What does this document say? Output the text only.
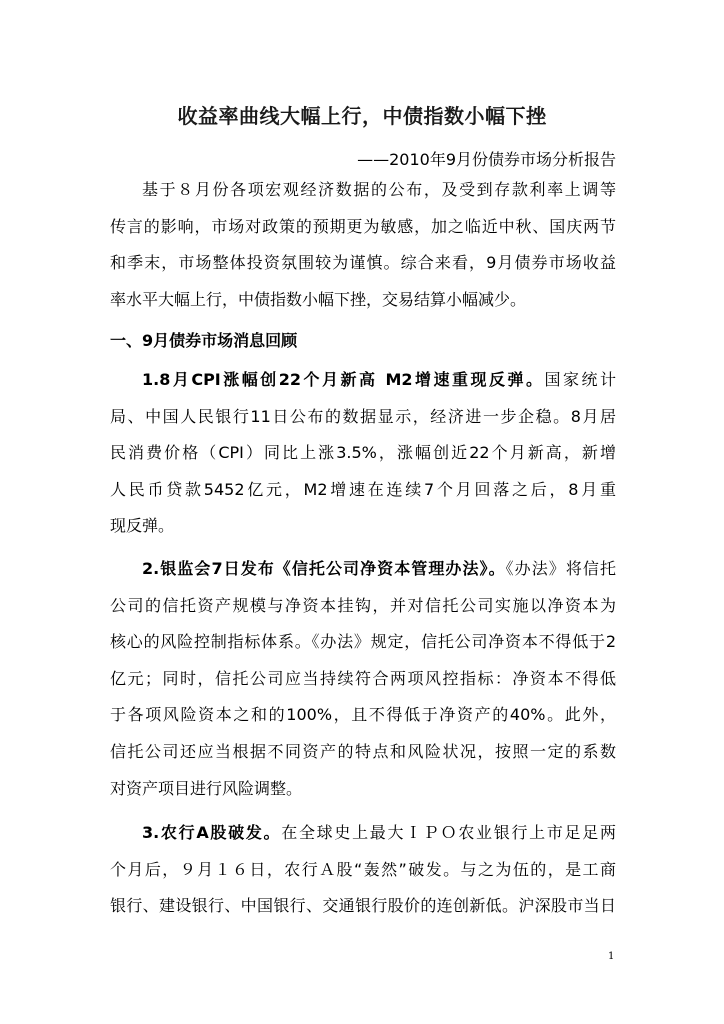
收益率曲线大幅上行，中债指数小幅下挫
——2010年9月份债券市场分析报告
基于８月份各项宏观经济数据的公布，及受到存款利率上调等
传言的影响，市场对政策的预期更为敏感，加之临近中秋、国庆两节
和季末，市场整体投资氛围较为谨慎。综合来看，9月债券市场收益
率水平大幅上行，中债指数小幅下挫，交易结算小幅减少。
一、9月债券市场消息回顾
1.8月CPI涨幅创22个月新高 M2增速重现反弹。国家统计
局、中国人民银行11日公布的数据显示，经济进一步企稳。8月居
民消费价格（CPI）同比上涨3.5%，涨幅创近22个月新高，新增
人民币贷款5452亿元，M2增速在连续7个月回落之后，8月重
现反弹。
2.银监会7日发布《信托公司净资本管理办法》。《办法》将信托
公司的信托资产规模与净资本挂钩，并对信托公司实施以净资本为
核心的风险控制指标体系。《办法》规定，信托公司净资本不得低于2
亿元；同时，信托公司应当持续符合两项风控指标：净资本不得低
于各项风险资本之和的100%，且不得低于净资产的40%。此外，
信托公司还应当根据不同资产的特点和风险状况，按照一定的系数
对资产项目进行风险调整。
3.农行A股破发。在全球史上最大ＩＰＯ农业银行上市足足两
个月后，９月１６日，农行Ａ股“轰然”破发。与之为伍的，是工商
银行、建设银行、中国银行、交通银行股价的连创新低。沪深股市当日
1
